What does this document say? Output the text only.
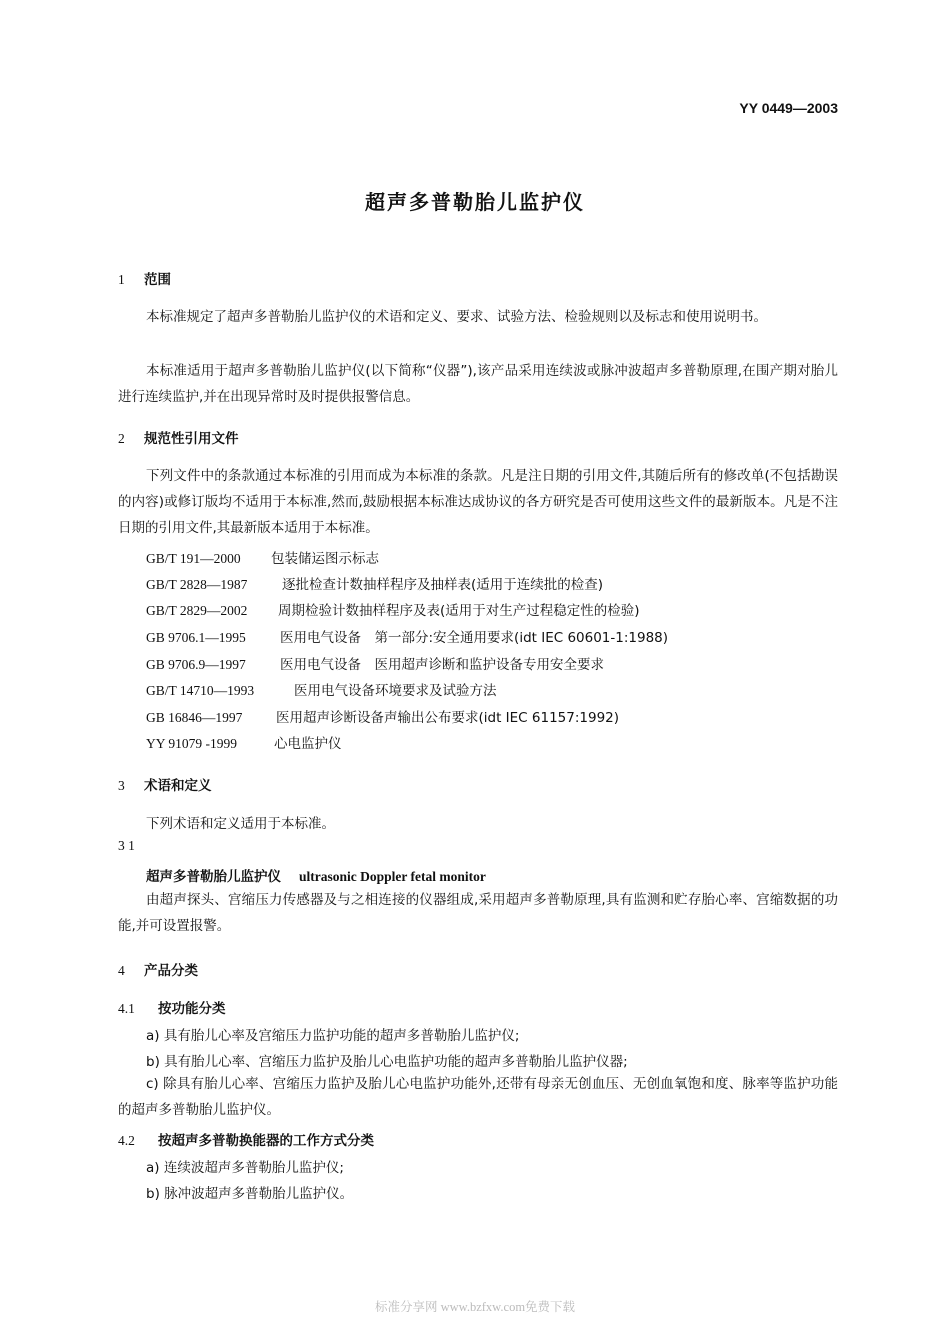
YY 0449—2003
超声多普勒胎儿监护仪
1 范围
本标准规定了超声多普勒胎儿监护仪的术语和定义、要求、试验方法、检验规则以及标志和使用说明书。
本标准适用于超声多普勒胎儿监护仪(以下简称“仪器”),该产品采用连续波或脉冲波超声多普勒原理,在围产期对胎儿进行连续监护,并在出现异常时及时提供报警信息。
2 规范性引用文件
下列文件中的条款通过本标准的引用而成为本标准的条款。凡是注日期的引用文件,其随后所有的修改单(不包括勘误的内容)或修订版均不适用于本标准,然而,鼓励根据本标准达成协议的各方研究是否可使用这些文件的最新版本。凡是不注日期的引用文件,其最新版本适用于本标准。
GB/T 191—2000 包装储运图示标志
GB/T 2828—1987	逐批检查计数抽样程序及抽样表(适用于连续批的检查)
GB/T 2829—2002 周期检验计数抽样程序及表(适用于对生产过程稳定性的检验)
GB 9706.1—1995	医用电气设备　第一部分:安全通用要求(idt IEC 60601-1:1988)
GB 9706.9—1997	医用电气设备　医用超声诊断和监护设备专用安全要求
GB/T 14710—1993	医用电气设备环境要求及试验方法
GB 16846—1997 医用超声诊断设备声输出公布要求(idt IEC 61157:1992)
YY 91079 -1999	心电监护仪
3 术语和定义
下列术语和定义适用于本标准。
3 1
超声多普勒胎儿监护仪 ultrasonic Doppler fetal monitor
由超声探头、宫缩压力传感器及与之相连接的仪器组成,采用超声多普勒原理,具有监测和贮存胎心率、宫缩数据的功能,并可设置报警。
4 产品分类
4.1 按功能分类
a) 具有胎儿心率及宫缩压力监护功能的超声多普勒胎儿监护仪;
b) 具有胎儿心率、宫缩压力监护及胎儿心电监护功能的超声多普勒胎儿监护仪器;
c) 除具有胎儿心率、宫缩压力监护及胎儿心电监护功能外,还带有母亲无创血压、无创血氧饱和度、脉率等监护功能的超声多普勒胎儿监护仪。
4.2 按超声多普勒换能器的工作方式分类
a) 连续波超声多普勒胎儿监护仪;
b) 脉冲波超声多普勒胎儿监护仪。
标准分享网 www.bzfxw.com免费下载
